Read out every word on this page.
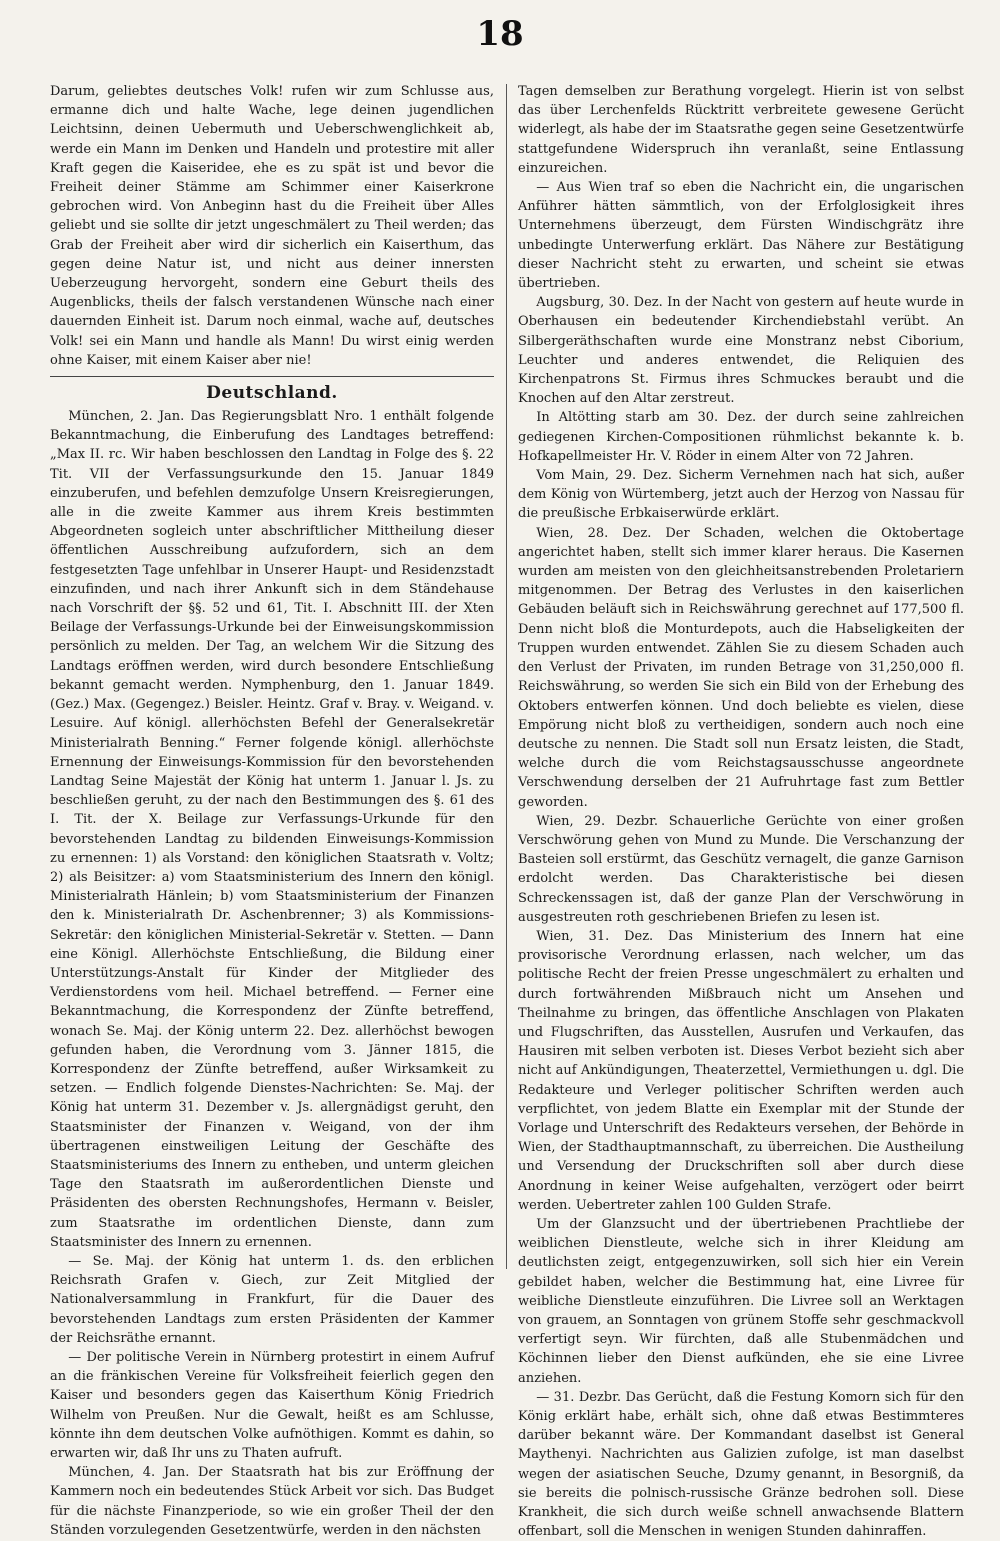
18

Darum, geliebtes deutsches Volk! rufen wir zum Schlusse aus, ermanne dich und halte Wache, lege deinen jugendlichen Leichtsinn, deinen Uebermuth und Ueberschwenglichkeit ab, werde ein Mann im Denken und Handeln und protestire mit aller Kraft gegen die Kaiseridee, ehe es zu spät ist und bevor die Freiheit deiner Stämme am Schimmer einer Kaiserkrone gebrochen wird. Von Anbeginn hast du die Freiheit über Alles geliebt und sie sollte dir jetzt ungeschmälert zu Theil werden; das Grab der Freiheit aber wird dir sicherlich ein Kaiserthum, das gegen deine Natur ist, und nicht aus deiner innersten Ueberzeugung hervorgeht, sondern eine Geburt theils des Augenblicks, theils der falsch verstandenen Wünsche nach einer dauernden Einheit ist. Darum noch einmal, wache auf, deutsches Volk! sei ein Mann und handle als Mann! Du wirst einig werden ohne Kaiser, mit einem Kaiser aber nie!

Deutschland.

München, 2. Jan. Das Regierungsblatt Nro. 1 enthält folgende Bekanntmachung, die Einberufung des Landtages betreffend: „Max II. rc. Wir haben beschlossen den Landtag in Folge des §. 22 Tit. VII der Verfassungsurkunde den 15. Januar 1849 einzuberufen, und befehlen demzufolge Unsern Kreisregierungen, alle in die zweite Kammer aus ihrem Kreis bestimmten Abgeordneten sogleich unter abschriftlicher Mittheilung dieser öffentlichen Ausschreibung aufzufordern, sich an dem festgesetzten Tage unfehlbar in Unserer Haupt- und Residenzstadt einzufinden, und nach ihrer Ankunft sich in dem Ständehause nach Vorschrift der §§. 52 und 61, Tit. I. Abschnitt III. der Xten Beilage der Verfassungs-Urkunde bei der Einweisungskommission persönlich zu melden. Der Tag, an welchem Wir die Sitzung des Landtags eröffnen werden, wird durch besondere Entschließung bekannt gemacht werden. Nymphenburg, den 1. Januar 1849. (Gez.) Max. (Gegengez.) Beisler. Heintz. Graf v. Bray. v. Weigand. v. Lesuire. Auf königl. allerhöchsten Befehl der Generalsekretär Ministerialrath Benning.“ Ferner folgende königl. allerhöchste Ernennung der Einweisungs-Kommission für den bevorstehenden Landtag Seine Majestät der König hat unterm 1. Januar l. Js. zu beschließen geruht, zu der nach den Bestimmungen des §. 61 des I. Tit. der X. Beilage zur Verfassungs-Urkunde für den bevorstehenden Landtag zu bildenden Einweisungs-Kommission zu ernennen: 1) als Vorstand: den königlichen Staatsrath v. Voltz; 2) als Beisitzer: a) vom Staatsministerium des Innern den königl. Ministerialrath Hänlein; b) vom Staatsministerium der Finanzen den k. Ministerialrath Dr. Aschenbrenner; 3) als Kommissions-Sekretär: den königlichen Ministerial-Sekretär v. Stetten. — Dann eine Königl. Allerhöchste Entschließung, die Bildung einer Unterstützungs-Anstalt für Kinder der Mitglieder des Verdienstordens vom heil. Michael betreffend. — Ferner eine Bekanntmachung, die Korrespondenz der Zünfte betreffend, wonach Se. Maj. der König unterm 22. Dez. allerhöchst bewogen gefunden haben, die Verordnung vom 3. Jänner 1815, die Korrespondenz der Zünfte betreffend, außer Wirksamkeit zu setzen. — Endlich folgende Dienstes-Nachrichten: Se. Maj. der König hat unterm 31. Dezember v. Js. allergnädigst geruht, den Staatsminister der Finanzen v. Weigand, von der ihm übertragenen einstweiligen Leitung der Geschäfte des Staatsministeriums des Innern zu entheben, und unterm gleichen Tage den Staatsrath im außerordentlichen Dienste und Präsidenten des obersten Rechnungshofes, Hermann v. Beisler, zum Staatsrathe im ordentlichen Dienste, dann zum Staatsminister des Innern zu ernennen.

— Se. Maj. der König hat unterm 1. ds. den erblichen Reichsrath Grafen v. Giech, zur Zeit Mitglied der Nationalversammlung in Frankfurt, für die Dauer des bevorstehenden Landtags zum ersten Präsidenten der Kammer der Reichsräthe ernannt.

— Der politische Verein in Nürnberg protestirt in einem Aufruf an die fränkischen Vereine für Volksfreiheit feierlich gegen den Kaiser und besonders gegen das Kaiserthum König Friedrich Wilhelm von Preußen. Nur die Gewalt, heißt es am Schlusse, könnte ihn dem deutschen Volke aufnöthigen. Kommt es dahin, so erwarten wir, daß Ihr uns zu Thaten aufruft.

München, 4. Jan. Der Staatsrath hat bis zur Eröffnung der Kammern noch ein bedeutendes Stück Arbeit vor sich. Das Budget für die nächste Finanzperiode, so wie ein großer Theil der den Ständen vorzulegenden Gesetzentwürfe, werden in den nächsten

Tagen demselben zur Berathung vorgelegt. Hierin ist von selbst das über Lerchenfelds Rücktritt verbreitete gewesene Gerücht widerlegt, als habe der im Staatsrathe gegen seine Gesetzentwürfe stattgefundene Widerspruch ihn veranlaßt, seine Entlassung einzureichen.

— Aus Wien traf so eben die Nachricht ein, die ungarischen Anführer hätten sämmtlich, von der Erfolglosigkeit ihres Unternehmens überzeugt, dem Fürsten Windischgrätz ihre unbedingte Unterwerfung erklärt. Das Nähere zur Bestätigung dieser Nachricht steht zu erwarten, und scheint sie etwas übertrieben.

Augsburg, 30. Dez. In der Nacht von gestern auf heute wurde in Oberhausen ein bedeutender Kirchendiebstahl verübt. An Silbergeräthschaften wurde eine Monstranz nebst Ciborium, Leuchter und anderes entwendet, die Reliquien des Kirchenpatrons St. Firmus ihres Schmuckes beraubt und die Knochen auf den Altar zerstreut.

In Altötting starb am 30. Dez. der durch seine zahlreichen gediegenen Kirchen-Compositionen rühmlichst bekannte k. b. Hofkapellmeister Hr. V. Röder in einem Alter von 72 Jahren.

Vom Main, 29. Dez. Sicherm Vernehmen nach hat sich, außer dem König von Würtemberg, jetzt auch der Herzog von Nassau für die preußische Erbkaiserwürde erklärt.

Wien, 28. Dez. Der Schaden, welchen die Oktobertage angerichtet haben, stellt sich immer klarer heraus. Die Kasernen wurden am meisten von den gleichheitsanstrebenden Proletariern mitgenommen. Der Betrag des Verlustes in den kaiserlichen Gebäuden beläuft sich in Reichswährung gerechnet auf 177,500 fl. Denn nicht bloß die Monturdepots, auch die Habseligkeiten der Truppen wurden entwendet. Zählen Sie zu diesem Schaden auch den Verlust der Privaten, im runden Betrage von 31,250,000 fl. Reichswährung, so werden Sie sich ein Bild von der Erhebung des Oktobers entwerfen können. Und doch beliebte es vielen, diese Empörung nicht bloß zu vertheidigen, sondern auch noch eine deutsche zu nennen. Die Stadt soll nun Ersatz leisten, die Stadt, welche durch die vom Reichstagsausschusse angeordnete Verschwendung derselben der 21 Aufruhrtage fast zum Bettler geworden.

Wien, 29. Dezbr. Schauerliche Gerüchte von einer großen Verschwörung gehen von Mund zu Munde. Die Verschanzung der Basteien soll erstürmt, das Geschütz vernagelt, die ganze Garnison erdolcht werden. Das Charakteristische bei diesen Schreckenssagen ist, daß der ganze Plan der Verschwörung in ausgestreuten roth geschriebenen Briefen zu lesen ist.

Wien, 31. Dez. Das Ministerium des Innern hat eine provisorische Verordnung erlassen, nach welcher, um das politische Recht der freien Presse ungeschmälert zu erhalten und durch fortwährenden Mißbrauch nicht um Ansehen und Theilnahme zu bringen, das öffentliche Anschlagen von Plakaten und Flugschriften, das Ausstellen, Ausrufen und Verkaufen, das Hausiren mit selben verboten ist. Dieses Verbot bezieht sich aber nicht auf Ankündigungen, Theaterzettel, Vermiethungen u. dgl. Die Redakteure und Verleger politischer Schriften werden auch verpflichtet, von jedem Blatte ein Exemplar mit der Stunde der Vorlage und Unterschrift des Redakteurs versehen, der Behörde in Wien, der Stadthauptmannschaft, zu überreichen. Die Austheilung und Versendung der Druckschriften soll aber durch diese Anordnung in keiner Weise aufgehalten, verzögert oder beirrt werden. Uebertreter zahlen 100 Gulden Strafe.

Um der Glanzsucht und der übertriebenen Prachtliebe der weiblichen Dienstleute, welche sich in ihrer Kleidung am deutlichsten zeigt, entgegenzuwirken, soll sich hier ein Verein gebildet haben, welcher die Bestimmung hat, eine Livree für weibliche Dienstleute einzuführen. Die Livree soll an Werktagen von grauem, an Sonntagen von grünem Stoffe sehr geschmackvoll verfertigt seyn. Wir fürchten, daß alle Stubenmädchen und Köchinnen lieber den Dienst aufkünden, ehe sie eine Livree anziehen.

— 31. Dezbr. Das Gerücht, daß die Festung Komorn sich für den König erklärt habe, erhält sich, ohne daß etwas Bestimmteres darüber bekannt wäre. Der Kommandant daselbst ist General Maythenyi. Nachrichten aus Galizien zufolge, ist man daselbst wegen der asiatischen Seuche, Dzumy genannt, in Besorgniß, da sie bereits die polnisch-russische Gränze bedrohen soll. Diese Krankheit, die sich durch weiße schnell anwachsende Blattern offenbart, soll die Menschen in wenigen Stunden dahinraffen.
